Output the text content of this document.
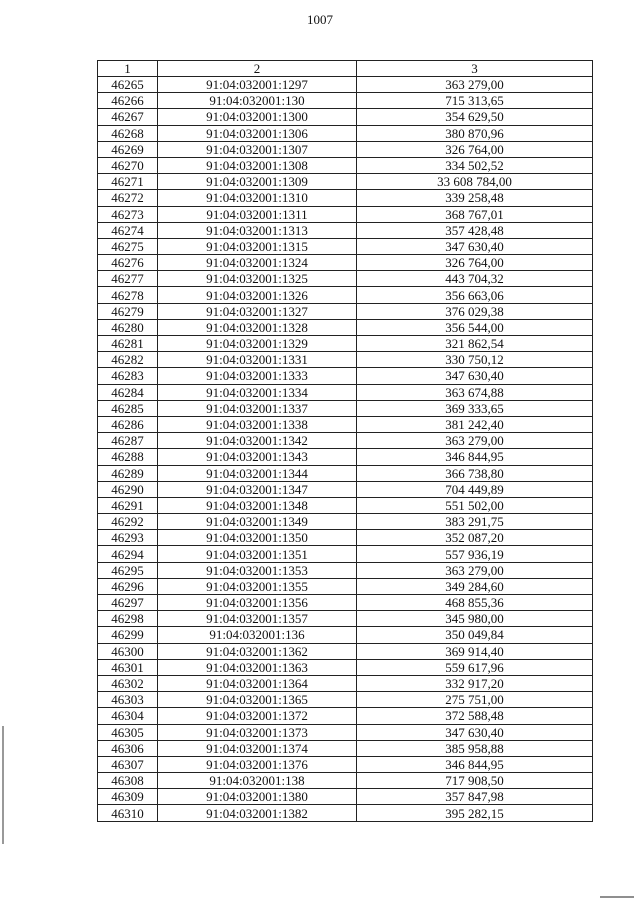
1007
1	2	3
46265	91:04:032001:1297	363 279,00
46266	91:04:032001:130	715 313,65
46267	91:04:032001:1300	354 629,50
46268	91:04:032001:1306	380 870,96
46269	91:04:032001:1307	326 764,00
46270	91:04:032001:1308	334 502,52
46271	91:04:032001:1309	33 608 784,00
46272	91:04:032001:1310	339 258,48
46273	91:04:032001:1311	368 767,01
46274	91:04:032001:1313	357 428,48
46275	91:04:032001:1315	347 630,40
46276	91:04:032001:1324	326 764,00
46277	91:04:032001:1325	443 704,32
46278	91:04:032001:1326	356 663,06
46279	91:04:032001:1327	376 029,38
46280	91:04:032001:1328	356 544,00
46281	91:04:032001:1329	321 862,54
46282	91:04:032001:1331	330 750,12
46283	91:04:032001:1333	347 630,40
46284	91:04:032001:1334	363 674,88
46285	91:04:032001:1337	369 333,65
46286	91:04:032001:1338	381 242,40
46287	91:04:032001:1342	363 279,00
46288	91:04:032001:1343	346 844,95
46289	91:04:032001:1344	366 738,80
46290	91:04:032001:1347	704 449,89
46291	91:04:032001:1348	551 502,00
46292	91:04:032001:1349	383 291,75
46293	91:04:032001:1350	352 087,20
46294	91:04:032001:1351	557 936,19
46295	91:04:032001:1353	363 279,00
46296	91:04:032001:1355	349 284,60
46297	91:04:032001:1356	468 855,36
46298	91:04:032001:1357	345 980,00
46299	91:04:032001:136	350 049,84
46300	91:04:032001:1362	369 914,40
46301	91:04:032001:1363	559 617,96
46302	91:04:032001:1364	332 917,20
46303	91:04:032001:1365	275 751,00
46304	91:04:032001:1372	372 588,48
46305	91:04:032001:1373	347 630,40
46306	91:04:032001:1374	385 958,88
46307	91:04:032001:1376	346 844,95
46308	91:04:032001:138	717 908,50
46309	91:04:032001:1380	357 847,98
46310	91:04:032001:1382	395 282,15
